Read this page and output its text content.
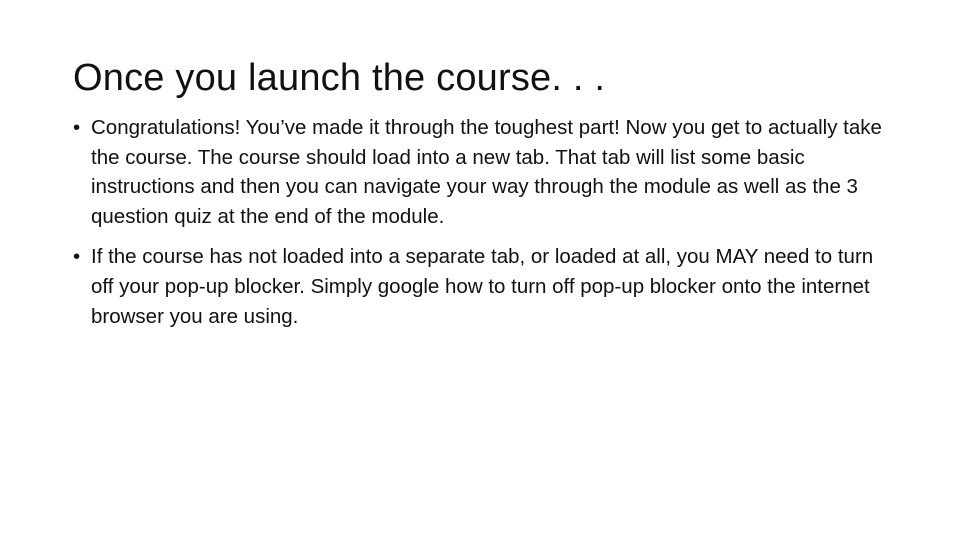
Once you launch the course. . .
• Congratulations! You’ve made it through the toughest part! Now you get to actually take the course. The course should load into a new tab. That tab will list some basic instructions and then you can navigate your way through the module as well as the 3 question quiz at the end of the module.
• If the course has not loaded into a separate tab, or loaded at all, you MAY need to turn off your pop-up blocker. Simply google how to turn off pop-up blocker onto the internet browser you are using.
